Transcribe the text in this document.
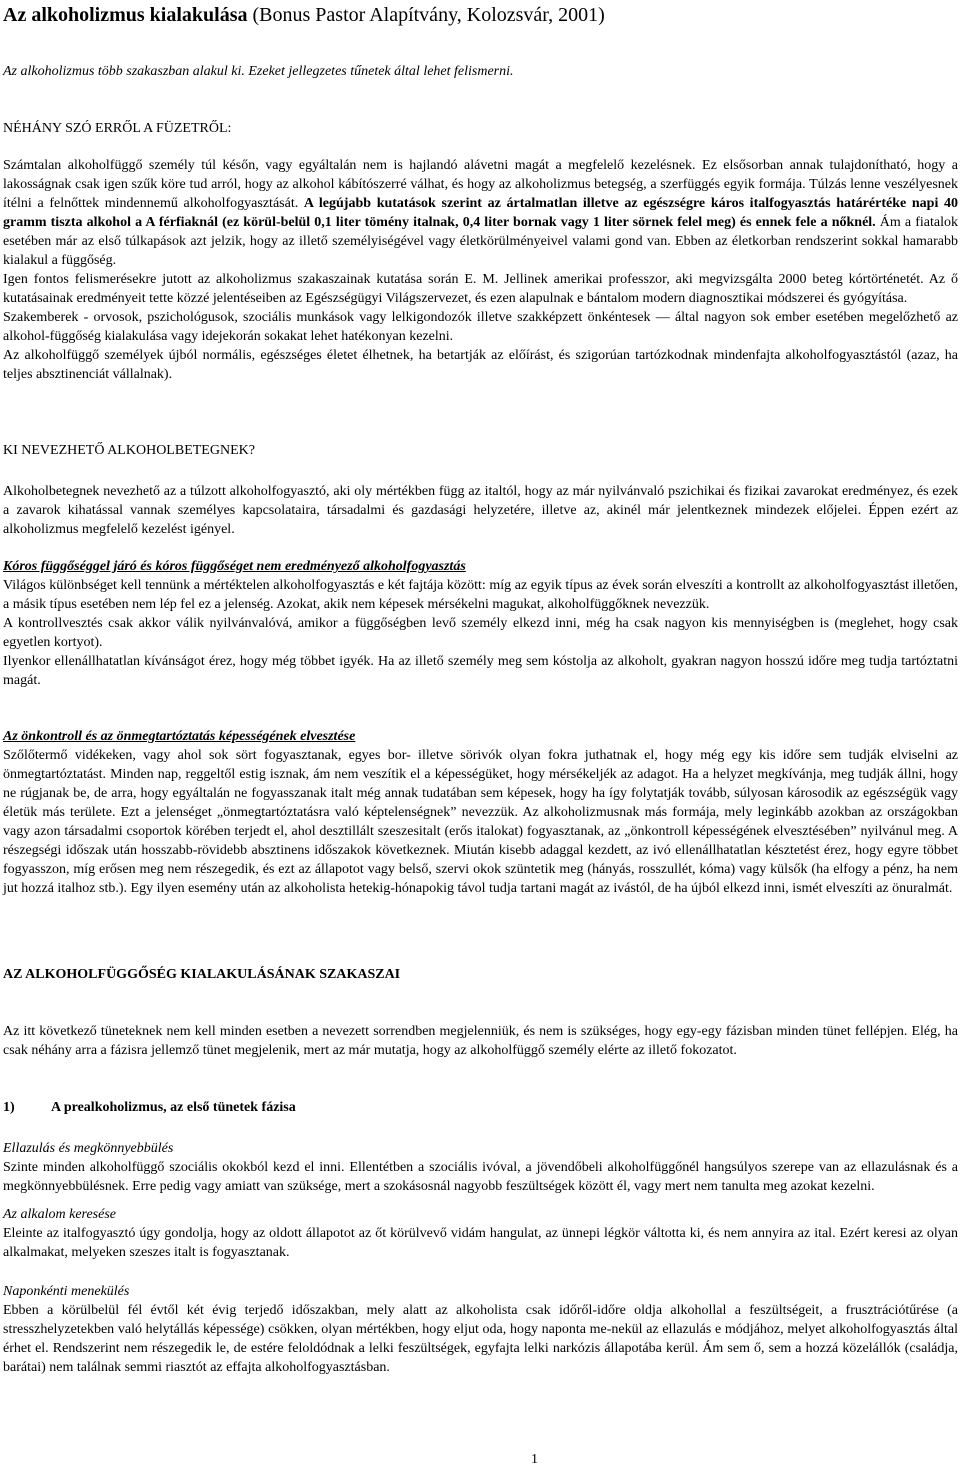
Az alkoholizmus kialakulása (Bonus Pastor Alapítvány, Kolozsvár, 2001)

Az alkoholizmus több szakaszban alakul ki. Ezeket jellegzetes tűnetek által lehet felismerni.

NÉHÁNY SZÓ ERRŐL A FÜZETRŐL:

Számtalan alkoholfüggő személy túl későn, vagy egyáltalán nem is hajlandó alávetni magát a megfelelő kezelésnek. Ez elsősorban annak tulajdonítható, hogy a lakosságnak csak igen szűk köre tud arról, hogy az alkohol kábítószerré válhat, és hogy az alkoholizmus betegség, a szerfüggés egyik formája. Túlzás lenne veszélyesnek ítélni a felnőttek mindennemű alkoholfogyasztását. A legújabb kutatások szerint az ártalmatlan illetve az egészségre káros italfogyasztás határértéke napi 40 gramm tiszta alkohol a A férfiaknál (ez körül-belül 0,1 liter tömény italnak, 0,4 liter bornak vagy 1 liter sörnek felel meg) és ennek fele a nőknél. Ám a fiatalok esetében már az első túlkapások azt jelzik, hogy az illető személyiségével vagy életkörülményeivel valami gond van. Ebben az életkorban rendszerint sokkal hamarabb kialakul a függőség.

Igen fontos felismerésekre jutott az alkoholizmus szakaszainak kutatása során E. M. Jellinek amerikai professzor, aki megvizsgálta 2000 beteg kórtörténetét. Az ő kutatásainak eredményeit tette közzé jelentéseiben az Egészségügyi Világszervezet, és ezen alapulnak e bántalom modern diagnosztikai módszerei és gyógyítása.

Szakemberek - orvosok, pszichológusok, szociális munkások vagy lelkigondozók illetve szakképzett önkéntesek — által nagyon sok ember esetében megelőzhető az alkohol-függőség kialakulása vagy idejekorán sokakat lehet hatékonyan kezelni.

Az alkoholfüggő személyek újból normális, egészséges életet élhetnek, ha betartják az előírást, és szigorúan tartózkodnak mindenfajta alkoholfogyasztástól (azaz, ha teljes absztinenciát vállalnak).

KI NEVEZHETŐ ALKOHOLBETEGNEK?

Alkoholbetegnek nevezhető az a túlzott alkoholfogyasztó, aki oly mértékben függ az italtól, hogy az már nyilvánvaló pszichikai és fizikai zavarokat eredményez, és ezek a zavarok kihatással vannak személyes kapcsolataira, társadalmi és gazdasági helyzetére, illetve az, akinél már jelentkeznek mindezek előjelei. Éppen ezért az alkoholizmus megfelelő kezelést igényel.

Kóros függőséggel járó és kóros függőséget nem eredményező alkoholfogyasztás

Világos különbséget kell tennünk a mértéktelen alkoholfogyasztás e két fajtája között: míg az egyik típus az évek során elveszíti a kontrollt az alkoholfogyasztást illetően, a másik típus esetében nem lép fel ez a jelenség. Azokat, akik nem képesek mérsékelni magukat, alkoholfüggőknek nevezzük.

A kontrollvesztés csak akkor válik nyilvánvalóvá, amikor a függőségben levő személy elkezd inni, még ha csak nagyon kis mennyiségben is (meglehet, hogy csak egyetlen kortyot).

Ilyenkor ellenállhatatlan kívánságot érez, hogy még többet igyék. Ha az illető személy meg sem kóstolja az alkoholt, gyakran nagyon hosszú időre meg tudja tartóztatni magát.

Az önkontroll és az önmegtartóztatás képességének elvesztése

Szőlőtermő vidékeken, vagy ahol sok sört fogyasztanak, egyes bor- illetve sörivók olyan fokra juthatnak el, hogy még egy kis időre sem tudják elviselni az önmegtartóztatást. Minden nap, reggeltől estig isznak, ám nem veszítik el a képességüket, hogy mérsékeljék az adagot. Ha a helyzet megkívánja, meg tudják állni, hogy ne rúgjanak be, de arra, hogy egyáltalán ne fogyasszanak italt még annak tudatában sem képesek, hogy ha így folytatják tovább, súlyosan károsodik az egészségük vagy életük más területe. Ezt a jelenséget „önmegtartóztatásra való képtelenségnek” nevezzük. Az alkoholizmusnak más formája, mely leginkább azokban az országokban vagy azon társadalmi csoportok körében terjedt el, ahol desztillált szeszesitalt (erős italokat) fogyasztanak, az „önkontroll képességének elvesztésében” nyilvánul meg. A részegségi időszak után hosszabb-rövidebb absztinens időszakok következnek. Miután kisebb adaggal kezdett, az ivó ellenállhatatlan késztetést érez, hogy egyre többet fogyasszon, míg erősen meg nem részegedik, és ezt az állapotot vagy belső, szervi okok szüntetik meg (hányás, rosszullét, kóma) vagy külsők (ha elfogy a pénz, ha nem jut hozzá italhoz stb.). Egy ilyen esemény után az alkoholista hetekig-hónapokig távol tudja tartani magát az ivástól, de ha újból elkezd inni, ismét elveszíti az önuralmát.

AZ ALKOHOLFÜGGŐSÉG KIALAKULÁSÁNAK SZAKASZAI

Az itt következő tüneteknek nem kell minden esetben a nevezett sorrendben megjelenniük, és nem is szükséges, hogy egy-egy fázisban minden tünet fellépjen. Elég, ha csak néhány arra a fázisra jellemző tünet megjelenik, mert az már mutatja, hogy az alkoholfüggő személy elérte az illető fokozatot.

1)	A prealkoholizmus, az első tünetek fázisa

Ellazulás és megkönnyebbülés

Szinte minden alkoholfüggő szociális okokból kezd el inni. Ellentétben a szociális ivóval, a jövendőbeli alkoholfüggőnél hangsúlyos szerepe van az ellazulásnak és a megkönnyebbülésnek. Erre pedig vagy amiatt van szüksége, mert a szokásosnál nagyobb feszültségek között él, vagy mert nem tanulta meg azokat kezelni.

Az alkalom keresése

Eleinte az italfogyasztó úgy gondolja, hogy az oldott állapotot az őt körülvevő vidám hangulat, az ünnepi légkör váltotta ki, és nem annyira az ital. Ezért keresi az olyan alkalmakat, melyeken szeszes italt is fogyasztanak.

Naponkénti menekülés

Ebben a körülbelül fél évtől két évig terjedő időszakban, mely alatt az alkoholista csak időről-időre oldja alkohollal a feszültségeit, a frusztrációtűrése (a stresszhelyzetekben való helytállás képessége) csökken, olyan mértékben, hogy eljut oda, hogy naponta me-nekül az ellazulás e módjához, melyet alkoholfogyasztás által érhet el. Rendszerint nem részegedik le, de estére feloldódnak a lelki feszültségek, egyfajta lelki narkózis állapotába kerül. Ám sem ő, sem a hozzá közelállók (családja, barátai) nem találnak semmi riasztót az effajta alkoholfogyasztásban.

1
